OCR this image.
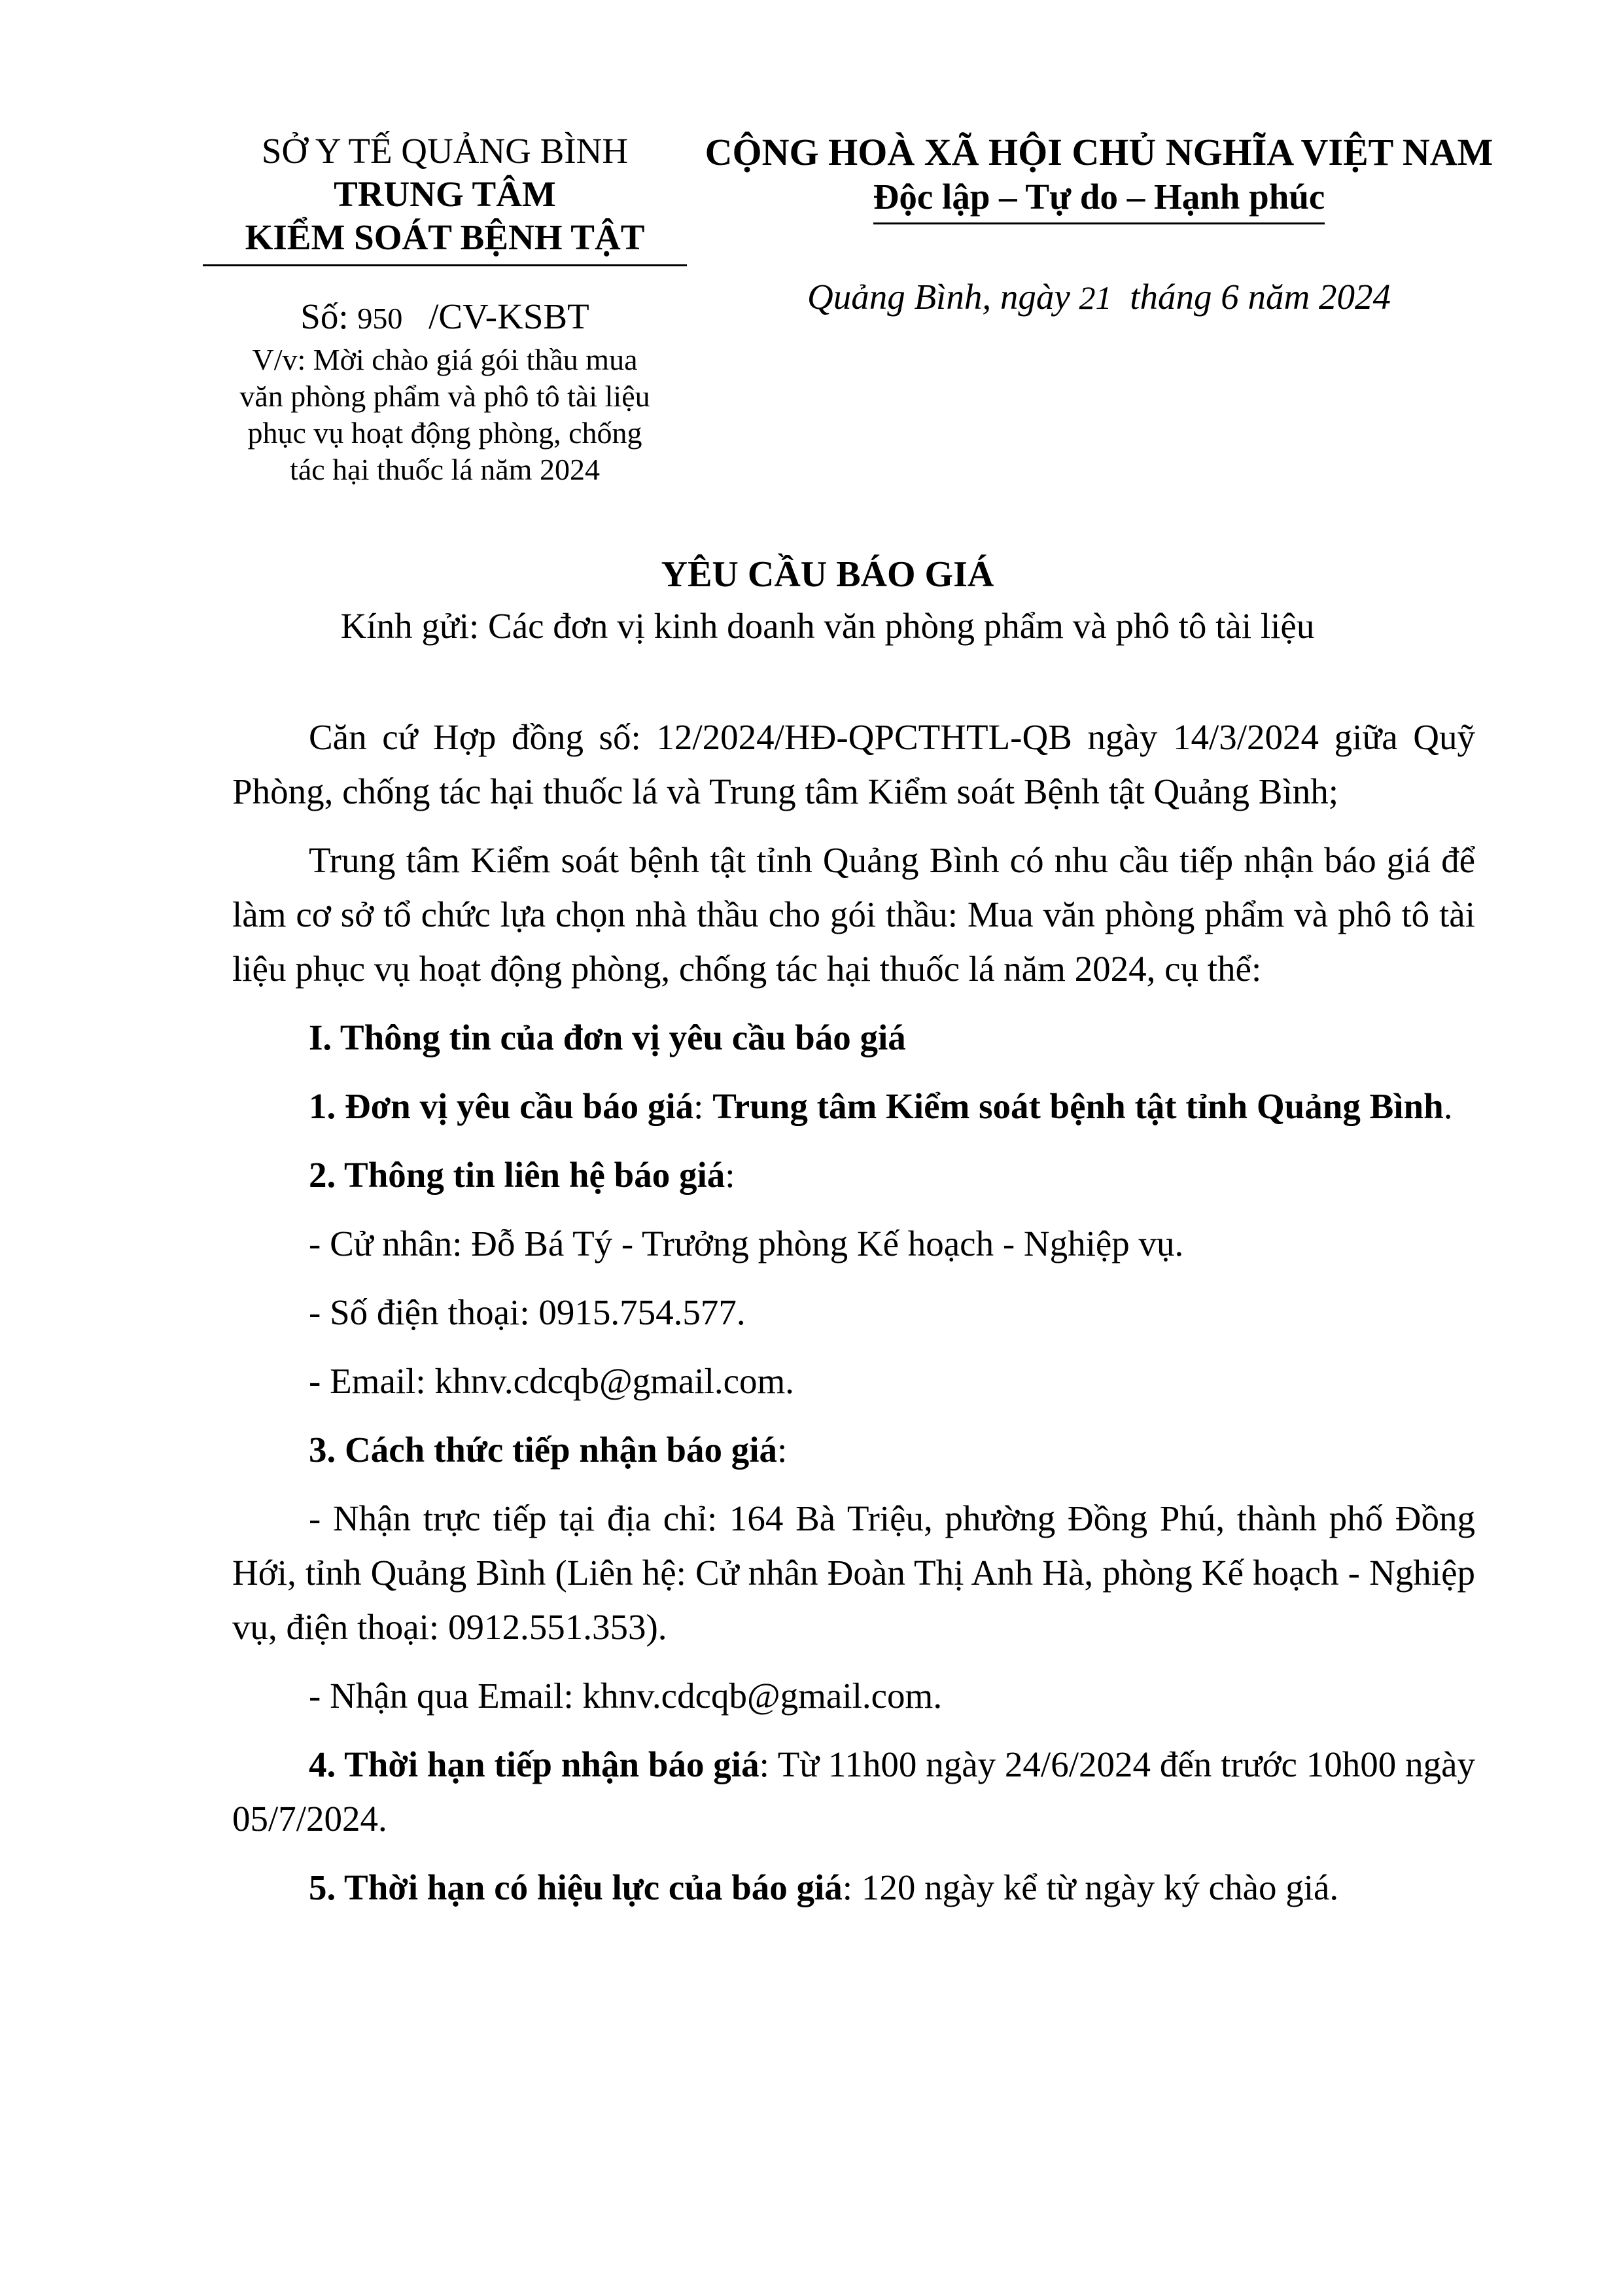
SỞ Y TẾ QUẢNG BÌNH
TRUNG TÂM
KIỂM SOÁT BỆNH TẬT
Số: 950 /CV-KSBT
V/v: Mời chào giá gói thầu mua
văn phòng phẩm và phô tô tài liệu
phục vụ hoạt động phòng, chống
tác hại thuốc lá năm 2024
CỘNG HOÀ XÃ HỘI CHỦ NGHĨA VIỆT NAM
Độc lập – Tự do – Hạnh phúc
Quảng Bình, ngày 21 tháng 6 năm 2024
YÊU CẦU BÁO GIÁ
Kính gửi: Các đơn vị kinh doanh văn phòng phẩm và phô tô tài liệu

Căn cứ Hợp đồng số: 12/2024/HĐ-QPCTHTL-QB ngày 14/3/2024 giữa Quỹ Phòng, chống tác hại thuốc lá và Trung tâm Kiểm soát Bệnh tật Quảng Bình;

Trung tâm Kiểm soát bệnh tật tỉnh Quảng Bình có nhu cầu tiếp nhận báo giá để làm cơ sở tổ chức lựa chọn nhà thầu cho gói thầu: Mua văn phòng phẩm và phô tô tài liệu phục vụ hoạt động phòng, chống tác hại thuốc lá năm 2024, cụ thể:

I. Thông tin của đơn vị yêu cầu báo giá

1. Đơn vị yêu cầu báo giá: Trung tâm Kiểm soát bệnh tật tỉnh Quảng Bình.

2. Thông tin liên hệ báo giá:

- Cử nhân: Đỗ Bá Tý - Trưởng phòng Kế hoạch - Nghiệp vụ.

- Số điện thoại: 0915.754.577.

- Email: khnv.cdcqb@gmail.com.

3. Cách thức tiếp nhận báo giá:

- Nhận trực tiếp tại địa chỉ: 164 Bà Triệu, phường Đồng Phú, thành phố Đồng Hới, tỉnh Quảng Bình (Liên hệ: Cử nhân Đoàn Thị Anh Hà, phòng Kế hoạch - Nghiệp vụ, điện thoại: 0912.551.353).

- Nhận qua Email: khnv.cdcqb@gmail.com.

4. Thời hạn tiếp nhận báo giá: Từ 11h00 ngày 24/6/2024 đến trước 10h00 ngày 05/7/2024.

5. Thời hạn có hiệu lực của báo giá: 120 ngày kể từ ngày ký chào giá.
